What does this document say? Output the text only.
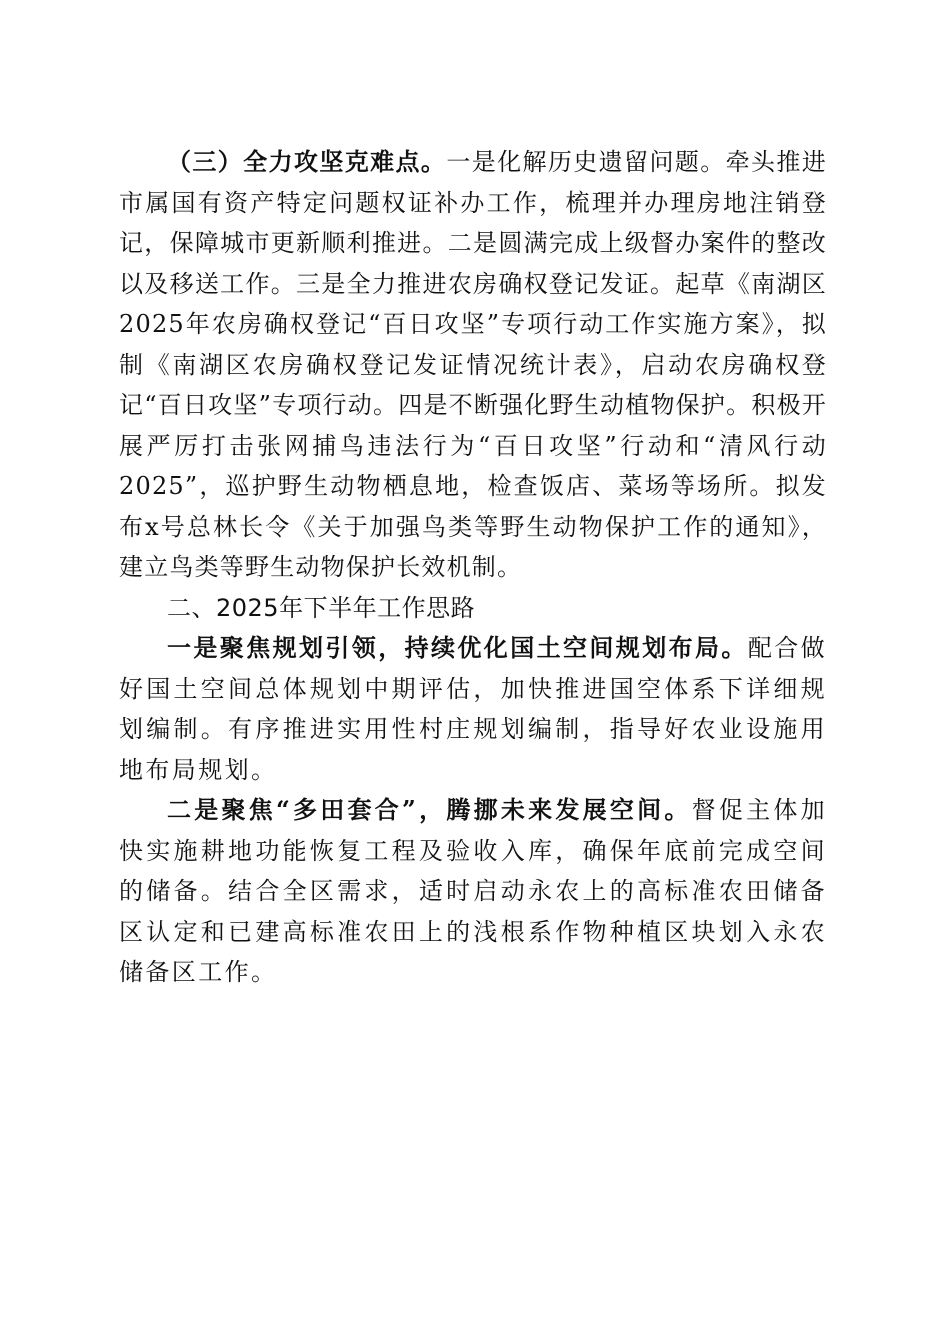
（三）全力攻坚克难点。一是化解历史遗留问题。牵头推进市属国有资产特定问题权证补办工作，梳理并办理房地注销登记，保障城市更新顺利推进。二是圆满完成上级督办案件的整改以及移送工作。三是全力推进农房确权登记发证。起草《南湖区2025年农房确权登记“百日攻坚”专项行动工作实施方案》，拟制《南湖区农房确权登记发证情况统计表》，启动农房确权登记“百日攻坚”专项行动。四是不断强化野生动植物保护。积极开展严厉打击张网捕鸟违法行为“百日攻坚”行动和“清风行动2025”，巡护野生动物栖息地，检查饭店、菜场等场所。拟发布x号总林长令《关于加强鸟类等野生动物保护工作的通知》，建立鸟类等野生动物保护长效机制。

二、2025年下半年工作思路

一是聚焦规划引领，持续优化国土空间规划布局。配合做好国土空间总体规划中期评估，加快推进国空体系下详细规划编制。有序推进实用性村庄规划编制，指导好农业设施用地布局规划。

二是聚焦“多田套合”，腾挪未来发展空间。督促主体加快实施耕地功能恢复工程及验收入库，确保年底前完成空间的储备。结合全区需求，适时启动永农上的高标准农田储备区认定和已建高标准农田上的浅根系作物种植区块划入永农储备区工作。
